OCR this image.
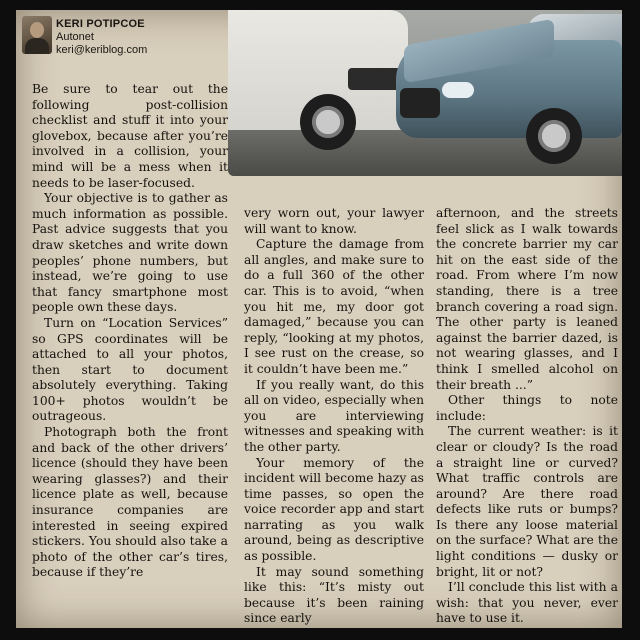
KERI POTIPCOE
Autonet
keri@keriblog.com

Be sure to tear out the following post-collision checklist and stuff it into your glovebox, because after you’re involved in a collision, your mind will be a mess when it needs to be laser-focused.

Your objective is to gather as much information as possible. Past advice suggests that you draw sketches and write down peoples’ phone numbers, but instead, we’re going to use that fancy smartphone most people own these days.

Turn on “Location Services” so GPS coordinates will be attached to all your photos, then start to document absolutely everything. Taking 100+ photos wouldn’t be outrageous.

Photograph both the front and back of the other drivers’ licence (should they have been wearing glasses?) and their licence plate as well, because insurance companies are interested in seeing expired stickers. You should also take a photo of the other car’s tires, because if they’re

very worn out, your lawyer will want to know.

Capture the damage from all angles, and make sure to do a full 360 of the other car. This is to avoid, “when you hit me, my door got damaged,” because you can reply, “looking at my photos, I see rust on the crease, so it couldn’t have been me.”

If you really want, do this all on video, especially when you are interviewing witnesses and speaking with the other party.

Your memory of the incident will become hazy as time passes, so open the voice recorder app and start narrating as you walk around, being as descriptive as possible.

It may sound something like this: “It’s misty out because it’s been raining since early

afternoon, and the streets feel slick as I walk towards the concrete barrier my car hit on the east side of the road. From where I’m now standing, there is a tree branch covering a road sign. The other party is leaned against the barrier dazed, is not wearing glasses, and I think I smelled alcohol on their breath ...”

Other things to note include:

The current weather: is it clear or cloudy? Is the road a straight line or curved? What traffic controls are around? Are there road defects like ruts or bumps? Is there any loose material on the surface? What are the light conditions — dusky or bright, lit or not?

I’ll conclude this list with a wish: that you never, ever have to use it.
